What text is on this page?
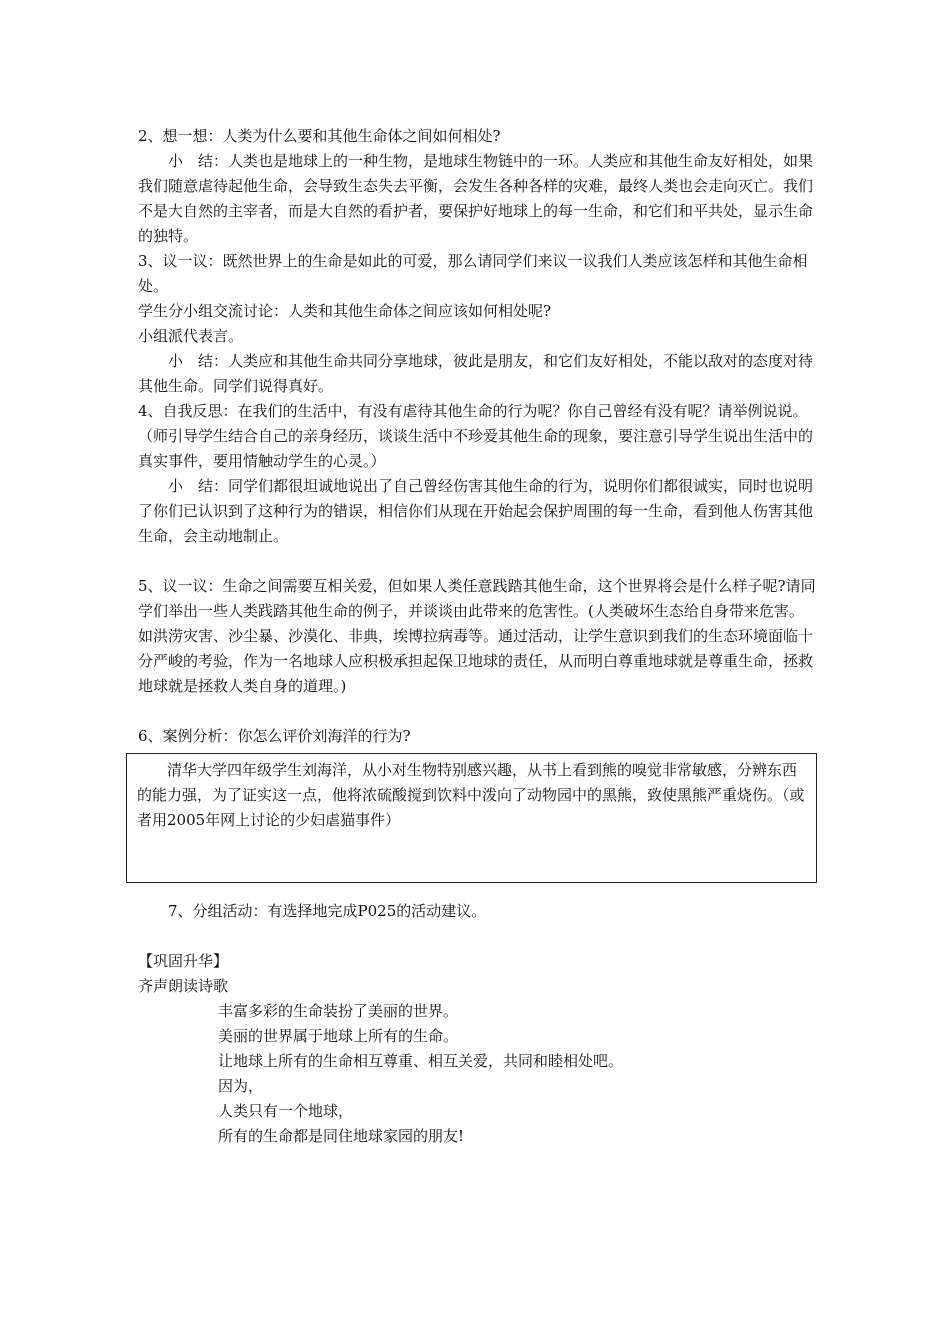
2、想一想：人类为什么要和其他生命体之间如何相处?

小　结：人类也是地球上的一种生物，是地球生物链中的一环。人类应和其他生命友好相处，如果我们随意虐待起他生命，会导致生态失去平衡，会发生各种各样的灾难，最终人类也会走向灭亡。我们不是大自然的主宰者，而是大自然的看护者，要保护好地球上的每一生命，和它们和平共处，显示生命的独特。

3、议一议：既然世界上的生命是如此的可爱，那么请同学们来议一议我们人类应该怎样和其他生命相处。

学生分小组交流讨论：人类和其他生命体之间应该如何相处呢?

小组派代表言。

小　结：人类应和其他生命共同分享地球，彼此是朋友，和它们友好相处，不能以敌对的态度对待其他生命。同学们说得真好。

4、自我反思：在我们的生活中，有没有虐待其他生命的行为呢？你自己曾经有没有呢？请举例说说。

（师引导学生结合自己的亲身经历，谈谈生活中不珍爱其他生命的现象，要注意引导学生说出生活中的真实事件，要用情触动学生的心灵。）

小　结：同学们都很坦诚地说出了自己曾经伤害其他生命的行为，说明你们都很诚实，同时也说明了你们已认识到了这种行为的错误，相信你们从现在开始起会保护周围的每一生命，看到他人伤害其他生命，会主动地制止。

5、议一议：生命之间需要互相关爱，但如果人类任意践踏其他生命，这个世界将会是什么样子呢?请同学们举出一些人类践踏其他生命的例子，并谈谈由此带来的危害性。(人类破坏生态给自身带来危害。如洪涝灾害、沙尘暴、沙漠化、非典，埃博拉病毒等。通过活动，让学生意识到我们的生态环境面临十分严峻的考验，作为一名地球人应积极承担起保卫地球的责任，从而明白尊重地球就是尊重生命，拯救地球就是拯救人类自身的道理。)

6、案例分析：你怎么评价刘海洋的行为?

清华大学四年级学生刘海洋，从小对生物特别感兴趣，从书上看到熊的嗅觉非常敏感，分辨东西的能力强，为了证实这一点，他将浓硫酸搅到饮料中泼向了动物园中的黑熊，致使黑熊严重烧伤。（或者用2005年网上讨论的少妇虐猫事件）

7、分组活动：有选择地完成P025的活动建议。

【巩固升华】

齐声朗读诗歌

丰富多彩的生命装扮了美丽的世界。

美丽的世界属于地球上所有的生命。

让地球上所有的生命相互尊重、相互关爱，共同和睦相处吧。

因为，

人类只有一个地球，

所有的生命都是同住地球家园的朋友!
